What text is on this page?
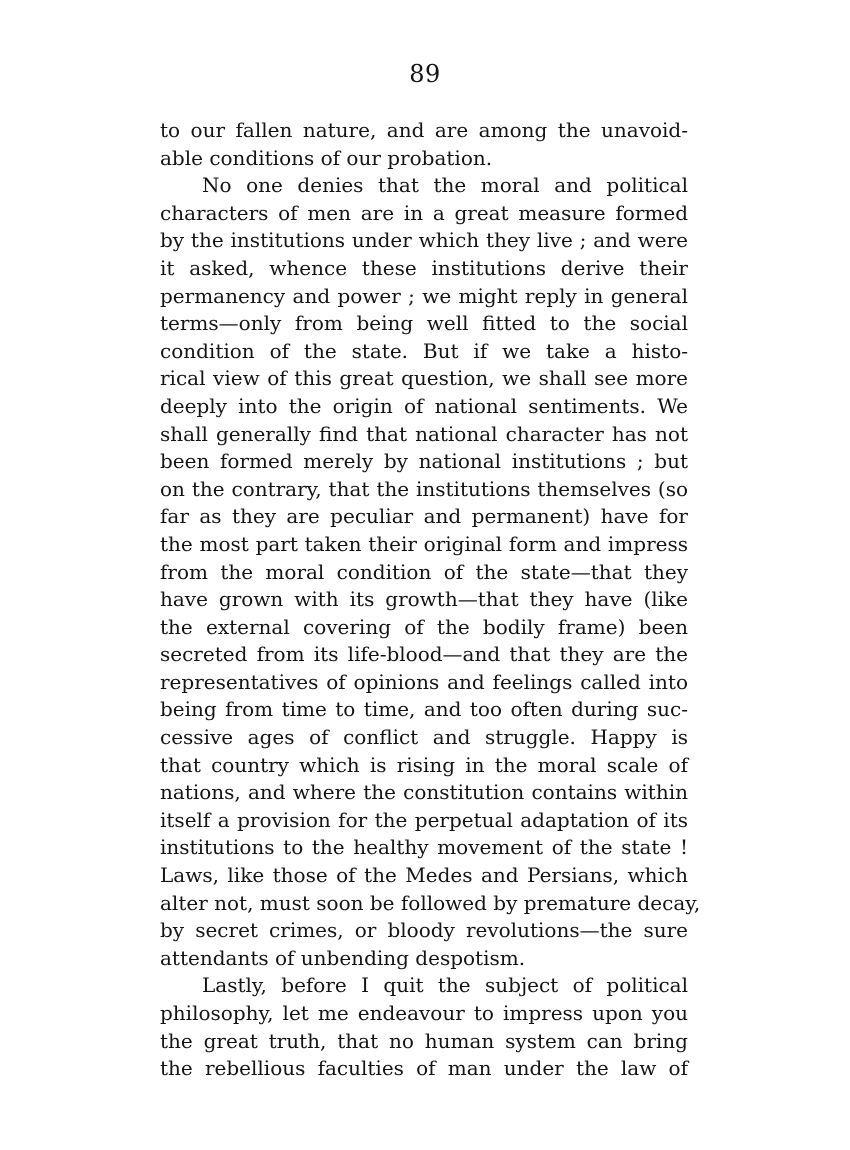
89
to our fallen nature, and are among the unavoid-
able conditions of our probation.
No one denies that the moral and political
characters of men are in a great measure formed
by the institutions under which they live ; and were
it asked, whence these institutions derive their
permanency and power ; we might reply in general
terms—only from being well fitted to the social
condition of the state. But if we take a histo-
rical view of this great question, we shall see more
deeply into the origin of national sentiments. We
shall generally find that national character has not
been formed merely by national institutions ; but
on the contrary, that the institutions themselves (so
far as they are peculiar and permanent) have for
the most part taken their original form and impress
from the moral condition of the state—that they
have grown with its growth—that they have (like
the external covering of the bodily frame) been
secreted from its life-blood—and that they are the
representatives of opinions and feelings called into
being from time to time, and too often during suc-
cessive ages of conflict and struggle. Happy is
that country which is rising in the moral scale of
nations, and where the constitution contains within
itself a provision for the perpetual adaptation of its
institutions to the healthy movement of the state !
Laws, like those of the Medes and Persians, which
alter not, must soon be followed by premature decay,
by secret crimes, or bloody revolutions—the sure
attendants of unbending despotism.
Lastly, before I quit the subject of political
philosophy, let me endeavour to impress upon you
the great truth, that no human system can bring
the rebellious faculties of man under the law of
